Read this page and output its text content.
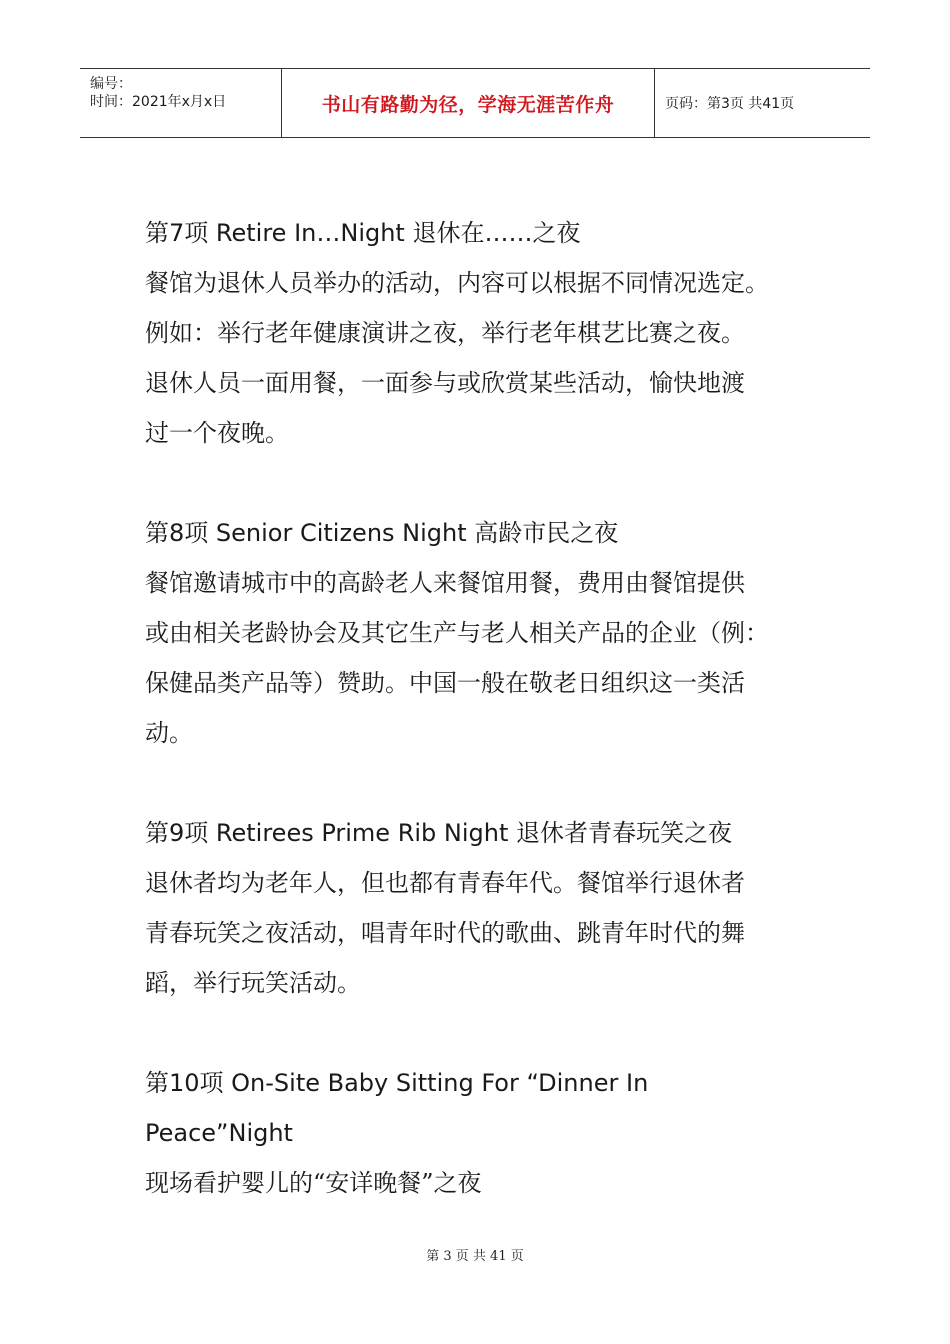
编号：
时间：2021年x月x日	书山有路勤为径，学海无涯苦作舟	页码：第3页 共41页

第7项 Retire In…Night 退休在……之夜

餐馆为退休人员举办的活动，内容可以根据不同情况选定。

例如：举行老年健康演讲之夜，举行老年棋艺比赛之夜。

退休人员一面用餐，一面参与或欣赏某些活动，愉快地渡

过一个夜晚。

第8项 Senior Citizens Night 高龄市民之夜

餐馆邀请城市中的高龄老人来餐馆用餐，费用由餐馆提供

或由相关老龄协会及其它生产与老人相关产品的企业（例：

保健品类产品等）赞助。中国一般在敬老日组织这一类活

动。

第9项 Retirees Prime Rib Night 退休者青春玩笑之夜

退休者均为老年人，但也都有青春年代。餐馆举行退休者

青春玩笑之夜活动，唱青年时代的歌曲、跳青年时代的舞

蹈，举行玩笑活动。

第10项 On-Site Baby Sitting For “Dinner In

Peace”Night

现场看护婴儿的“安详晚餐”之夜

第 3 页 共 41 页
